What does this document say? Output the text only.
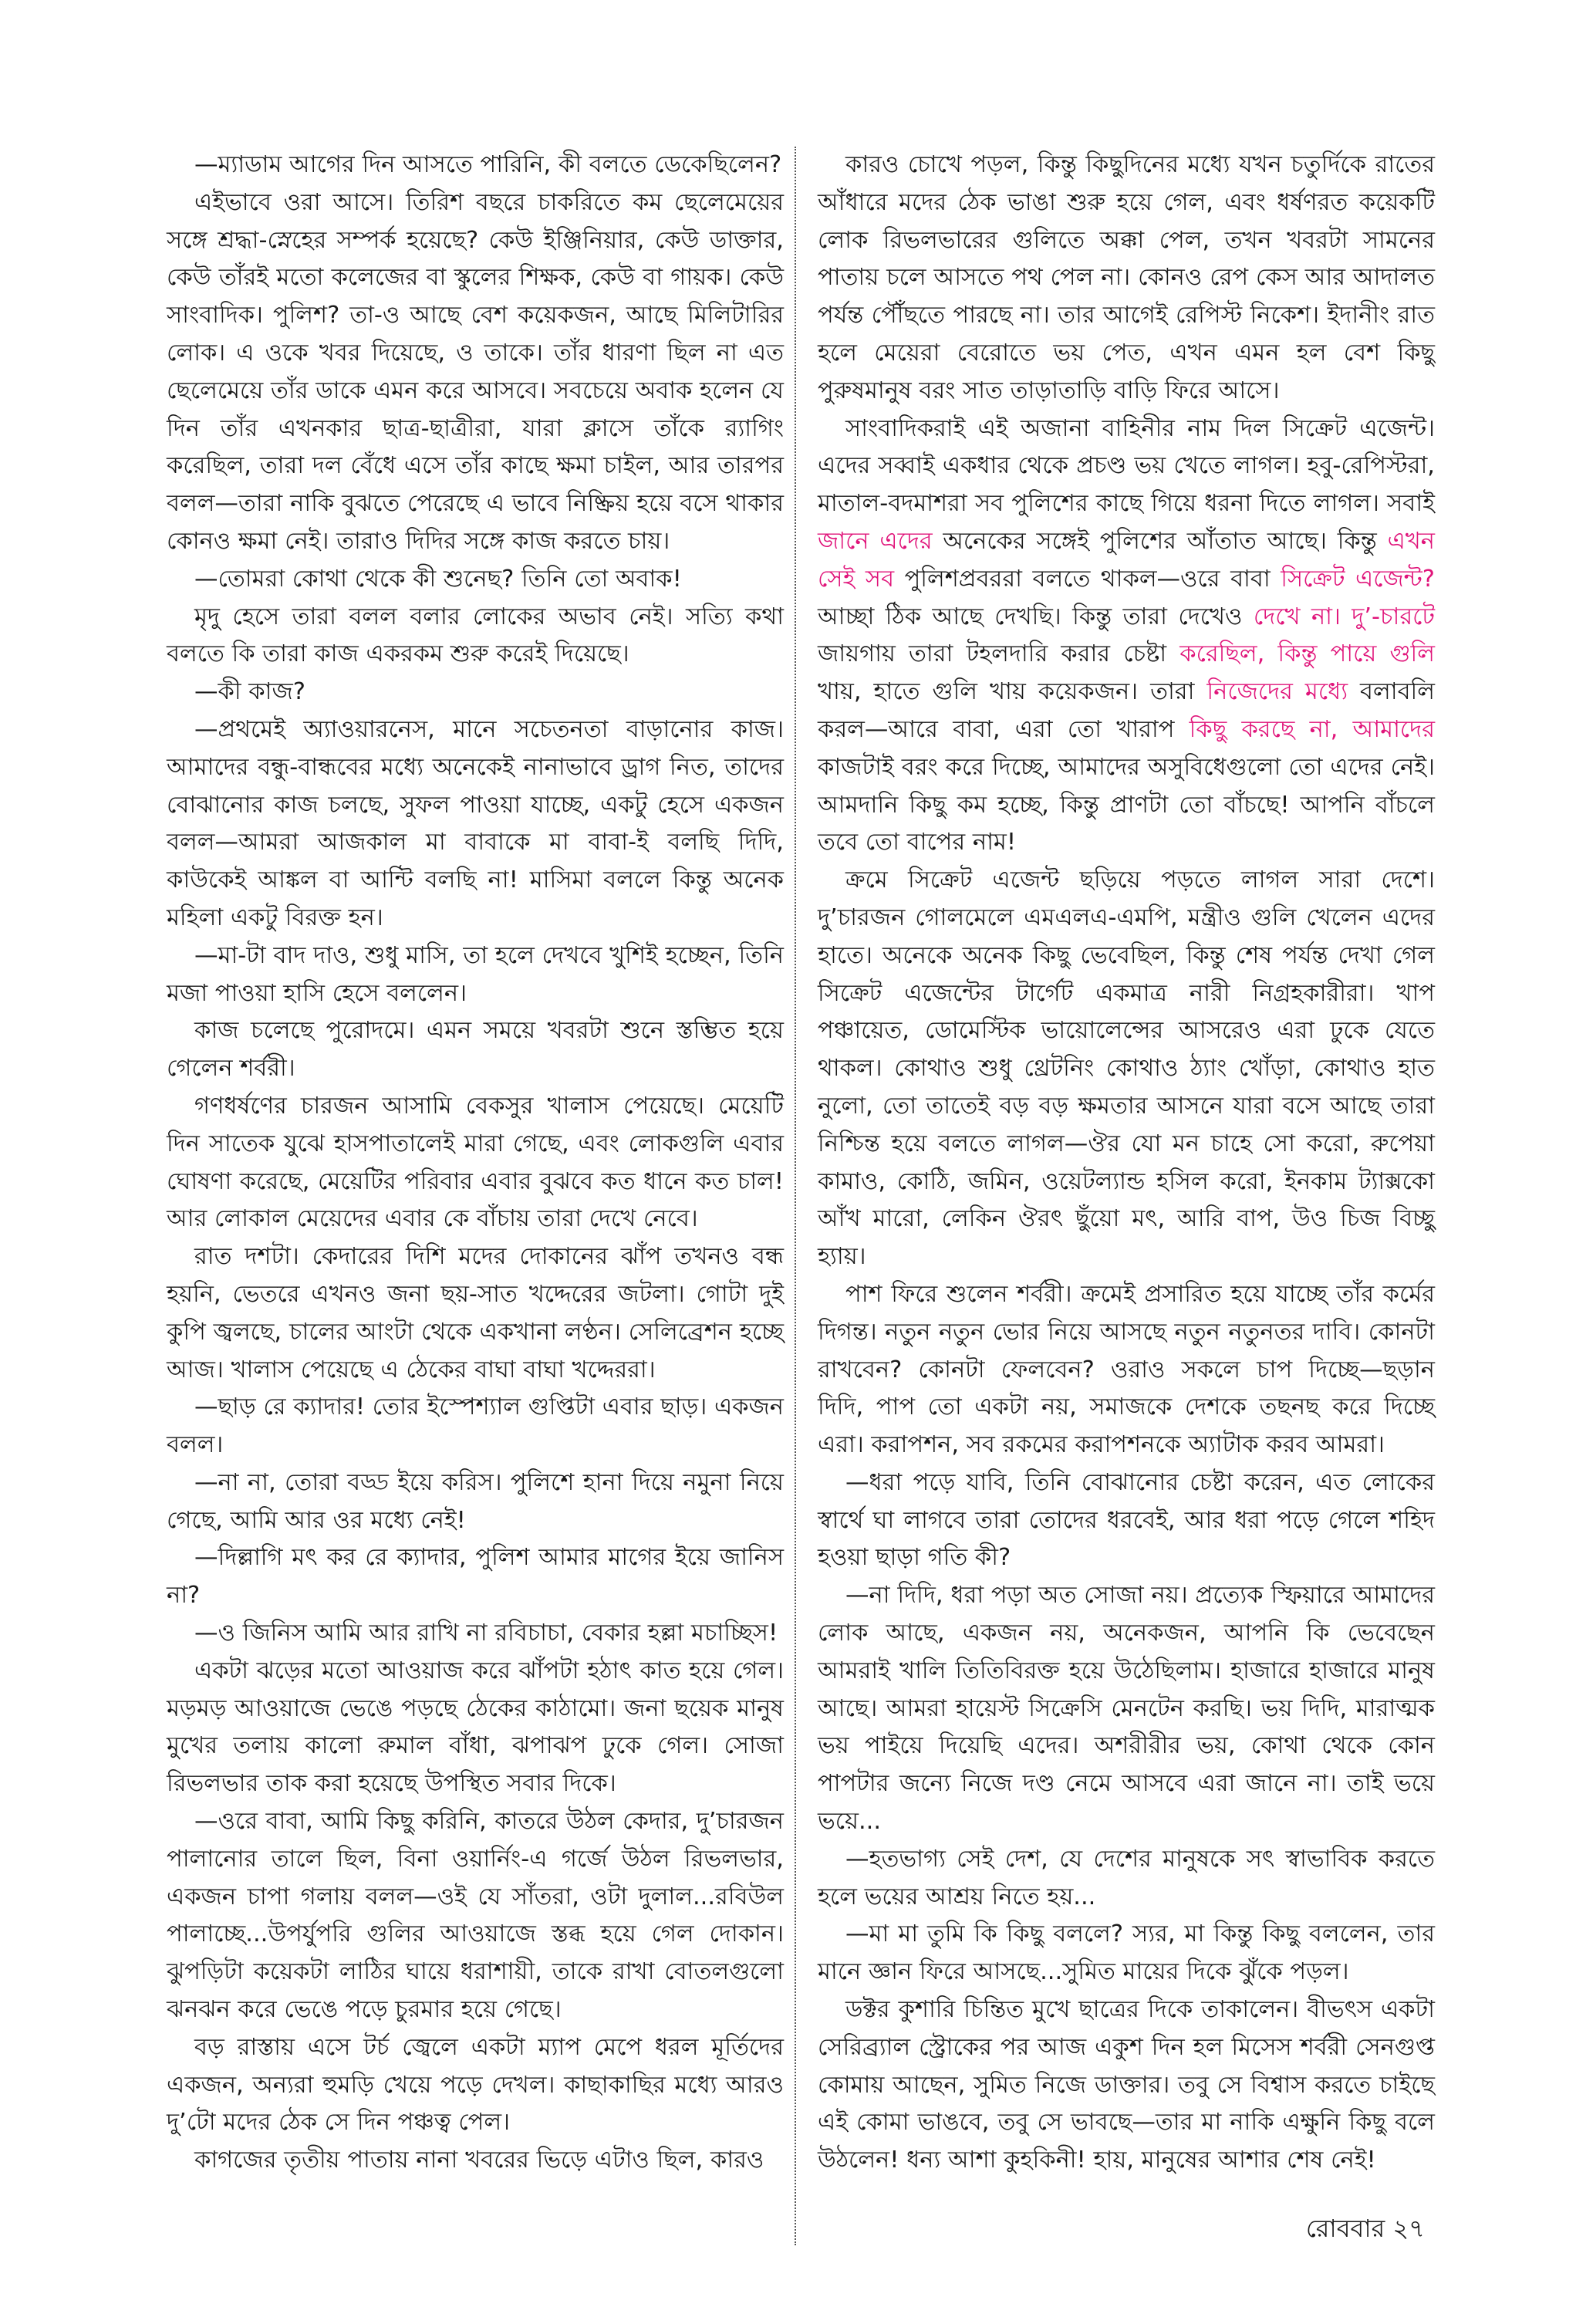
—ম্যাডাম আগের দিন আসতে পারিনি, কী বলতে ডেকেছিলেন?

এইভাবে ওরা আসে। তিরিশ বছরে চাকরিতে কম ছেলেমেয়ের সঙ্গে শ্রদ্ধা-স্নেহের সম্পর্ক হয়েছে? কেউ ইঞ্জিনিয়ার, কেউ ডাক্তার, কেউ তাঁরই মতো কলেজের বা স্কুলের শিক্ষক, কেউ বা গায়ক। কেউ সাংবাদিক। পুলিশ? তা-ও আছে বেশ কয়েকজন, আছে মিলিটারির লোক। এ ওকে খবর দিয়েছে, ও তাকে। তাঁর ধারণা ছিল না এত ছেলেমেয়ে তাঁর ডাকে এমন করে আসবে। সবচেয়ে অবাক হলেন যে দিন তাঁর এখনকার ছাত্র-ছাত্রীরা, যারা ক্লাসে তাঁকে র‍্যাগিং করেছিল, তারা দল বেঁধে এসে তাঁর কাছে ক্ষমা চাইল, আর তারপর বলল—তারা নাকি বুঝতে পেরেছে এ ভাবে নিষ্ক্রিয় হয়ে বসে থাকার কোনও ক্ষমা নেই। তারাও দিদির সঙ্গে কাজ করতে চায়।

—তোমরা কোথা থেকে কী শুনেছ? তিনি তো অবাক!

মৃদু হেসে তারা বলল বলার লোকের অভাব নেই। সত্যি কথা বলতে কি তারা কাজ একরকম শুরু করেই দিয়েছে।

—কী কাজ?

—প্রথমেই অ্যাওয়ারনেস, মানে সচেতনতা বাড়ানোর কাজ। আমাদের বন্ধু-বান্ধবের মধ্যে অনেকেই নানাভাবে ড্রাগ নিত, তাদের বোঝানোর কাজ চলছে, সুফল পাওয়া যাচ্ছে, একটু হেসে একজন বলল—আমরা আজকাল মা বাবাকে মা বাবা-ই বলছি দিদি, কাউকেই আঙ্কল বা আন্টি বলছি না! মাসিমা বললে কিন্তু অনেক মহিলা একটু বিরক্ত হন।

—মা-টা বাদ দাও, শুধু মাসি, তা হলে দেখবে খুশিই হচ্ছেন, তিনি মজা পাওয়া হাসি হেসে বললেন।

কাজ চলেছে পুরোদমে। এমন সময়ে খবরটা শুনে স্তম্ভিত হয়ে গেলেন শর্বরী।

গণধর্ষণের চারজন আসামি বেকসুর খালাস পেয়েছে। মেয়েটি দিন সাতেক যুঝে হাসপাতালেই মারা গেছে, এবং লোকগুলি এবার ঘোষণা করেছে, মেয়েটির পরিবার এবার বুঝবে কত ধানে কত চাল! আর লোকাল মেয়েদের এবার কে বাঁচায় তারা দেখে নেবে।

রাত দশটা। কেদারের দিশি মদের দোকানের ঝাঁপ তখনও বন্ধ হয়নি, ভেতরে এখনও জনা ছয়-সাত খদ্দেরের জটলা। গোটা দুই কুপি জ্বলছে, চালের আংটা থেকে একখানা লণ্ঠন। সেলিব্রেশন হচ্ছে আজ। খালাস পেয়েছে এ ঠেকের বাঘা বাঘা খদ্দেররা।

—ছাড় রে ক্যাদার! তোর ইস্পেশ্যাল গুপ্তিটা এবার ছাড়। একজন বলল।

—না না, তোরা বড্ড ইয়ে করিস। পুলিশে হানা দিয়ে নমুনা নিয়ে গেছে, আমি আর ওর মধ্যে নেই!

—দিল্লাগি মৎ কর রে ক্যাদার, পুলিশ আমার মাগের ইয়ে জানিস না?

—ও জিনিস আমি আর রাখি না রবিচাচা, বেকার হল্লা মচাচ্ছিস!

একটা ঝড়ের মতো আওয়াজ করে ঝাঁপটা হঠাৎ কাত হয়ে গেল। মড়মড় আওয়াজে ভেঙে পড়ছে ঠেকের কাঠামো। জনা ছয়েক মানুষ মুখের তলায় কালো রুমাল বাঁধা, ঝপাঝপ ঢুকে গেল। সোজা রিভলভার তাক করা হয়েছে উপস্থিত সবার দিকে।

—ওরে বাবা, আমি কিছু করিনি, কাতরে উঠল কেদার, দু’চারজন পালানোর তালে ছিল, বিনা ওয়ার্নিং-এ গর্জে উঠল রিভলভার, একজন চাপা গলায় বলল—ওই যে সাঁতরা, ওটা দুলাল...রবিউল পালাচ্ছে...উপর্যুপরি গুলির আওয়াজে স্তব্ধ হয়ে গেল দোকান। ঝুপড়িটা কয়েকটা লাঠির ঘায়ে ধরাশায়ী, তাকে রাখা বোতলগুলো ঝনঝন করে ভেঙে পড়ে চুরমার হয়ে গেছে।

বড় রাস্তায় এসে টর্চ জ্বেলে একটা ম্যাপ মেপে ধরল মূর্তিদের একজন, অন্যরা হুমড়ি খেয়ে পড়ে দেখল। কাছাকাছির মধ্যে আরও দু’টো মদের ঠেক সে দিন পঞ্চত্ব পেল।

কাগজের তৃতীয় পাতায় নানা খবরের ভিড়ে এটাও ছিল, কারও

কারও চোখে পড়ল, কিন্তু কিছুদিনের মধ্যে যখন চতুর্দিকে রাতের আঁধারে মদের ঠেক ভাঙা শুরু হয়ে গেল, এবং ধর্ষণরত কয়েকটি লোক রিভলভারের গুলিতে অক্কা পেল, তখন খবরটা সামনের পাতায় চলে আসতে পথ পেল না। কোনও রেপ কেস আর আদালত পর্যন্ত পৌঁছতে পারছে না। তার আগেই রেপিস্ট নিকেশ। ইদানীং রাত হলে মেয়েরা বেরোতে ভয় পেত, এখন এমন হল বেশ কিছু পুরুষমানুষ বরং সাত তাড়াতাড়ি বাড়ি ফিরে আসে।

সাংবাদিকরাই এই অজানা বাহিনীর নাম দিল সিক্রেট এজেন্ট। এদের সব্বাই একধার থেকে প্রচণ্ড ভয় খেতে লাগল। হবু-রেপিস্টরা, মাতাল-বদমাশরা সব পুলিশের কাছে গিয়ে ধরনা দিতে লাগল। সবাই জানে এদের অনেকের সঙ্গেই পুলিশের আঁতাত আছে। কিন্তু এখন সেই সব পুলিশপ্রবররা বলতে থাকল—ওরে বাবা সিক্রেট এজেন্ট? আচ্ছা ঠিক আছে দেখছি। কিন্তু তারা দেখেও দেখে না। দু’-চারটে জায়গায় তারা টহলদারি করার চেষ্টা করেছিল, কিন্তু পায়ে গুলি খায়, হাতে গুলি খায় কয়েকজন। তারা নিজেদের মধ্যে বলাবলি করল—আরে বাবা, এরা তো খারাপ কিছু করছে না, আমাদের কাজটাই বরং করে দিচ্ছে, আমাদের অসুবিধেগুলো তো এদের নেই। আমদানি কিছু কম হচ্ছে, কিন্তু প্রাণটা তো বাঁচছে! আপনি বাঁচলে তবে তো বাপের নাম!

ক্রমে সিক্রেট এজেন্ট ছড়িয়ে পড়তে লাগল সারা দেশে। দু’চারজন গোলমেলে এমএলএ-এমপি, মন্ত্রীও গুলি খেলেন এদের হাতে। অনেকে অনেক কিছু ভেবেছিল, কিন্তু শেষ পর্যন্ত দেখা গেল সিক্রেট এজেন্টের টার্গেট একমাত্র নারী নিগ্রহকারীরা। খাপ পঞ্চায়েত, ডোমেস্টিক ভায়োলেন্সের আসরেও এরা ঢুকে যেতে থাকল। কোথাও শুধু থ্রেটনিং কোথাও ঠ্যাং খোঁড়া, কোথাও হাত নুলো, তো তাতেই বড় বড় ক্ষমতার আসনে যারা বসে আছে তারা নিশ্চিন্ত হয়ে বলতে লাগল—ঔর যো মন চাহে সো করো, রুপেয়া কামাও, কোঠি, জমিন, ওয়েটল্যান্ড হসিল করো, ইনকাম ট্যাক্সকো আঁখ মারো, লেকিন ঔরৎ ছুঁয়ো মৎ, আরি বাপ, উও চিজ বিচ্ছু হ্যায়।

পাশ ফিরে শুলেন শর্বরী। ক্রমেই প্রসারিত হয়ে যাচ্ছে তাঁর কর্মের দিগন্ত। নতুন নতুন ভোর নিয়ে আসছে নতুন নতুনতর দাবি। কোনটা রাখবেন? কোনটা ফেলবেন? ওরাও সকলে চাপ দিচ্ছে—ছড়ান দিদি, পাপ তো একটা নয়, সমাজকে দেশকে তছনছ করে দিচ্ছে এরা। করাপশন, সব রকমের করাপশনকে অ্যাটাক করব আমরা।

—ধরা পড়ে যাবি, তিনি বোঝানোর চেষ্টা করেন, এত লোকের স্বার্থে ঘা লাগবে তারা তোদের ধরবেই, আর ধরা পড়ে গেলে শহিদ হওয়া ছাড়া গতি কী?

—না দিদি, ধরা পড়া অত সোজা নয়। প্রত্যেক স্ফিয়ারে আমাদের লোক আছে, একজন নয়, অনেকজন, আপনি কি ভেবেছেন আমরাই খালি তিতিবিরক্ত হয়ে উঠেছিলাম। হাজারে হাজারে মানুষ আছে। আমরা হায়েস্ট সিক্রেসি মেনটেন করছি। ভয় দিদি, মারাত্মক ভয় পাইয়ে দিয়েছি এদের। অশরীরীর ভয়, কোথা থেকে কোন পাপটার জন্যে নিজে দণ্ড নেমে আসবে এরা জানে না। তাই ভয়ে ভয়ে...

—হতভাগ্য সেই দেশ, যে দেশের মানুষকে সৎ স্বাভাবিক করতে হলে ভয়ের আশ্রয় নিতে হয়...

—মা মা তুমি কি কিছু বললে? স্যর, মা কিন্তু কিছু বললেন, তার মানে জ্ঞান ফিরে আসছে...সুমিত মায়ের দিকে ঝুঁকে পড়ল।

ডক্টর কুশারি চিন্তিত মুখে ছাত্রের দিকে তাকালেন। বীভৎস একটা সেরিব্র্যাল স্ট্রোকের পর আজ একুশ দিন হল মিসেস শর্বরী সেনগুপ্ত কোমায় আছেন, সুমিত নিজে ডাক্তার। তবু সে বিশ্বাস করতে চাইছে এই কোমা ভাঙবে, তবু সে ভাবছে—তার মা নাকি এক্ষুনি কিছু বলে উঠলেন! ধন্য আশা কুহকিনী! হায়, মানুষের আশার শেষ নেই!

রোববার ২৭
